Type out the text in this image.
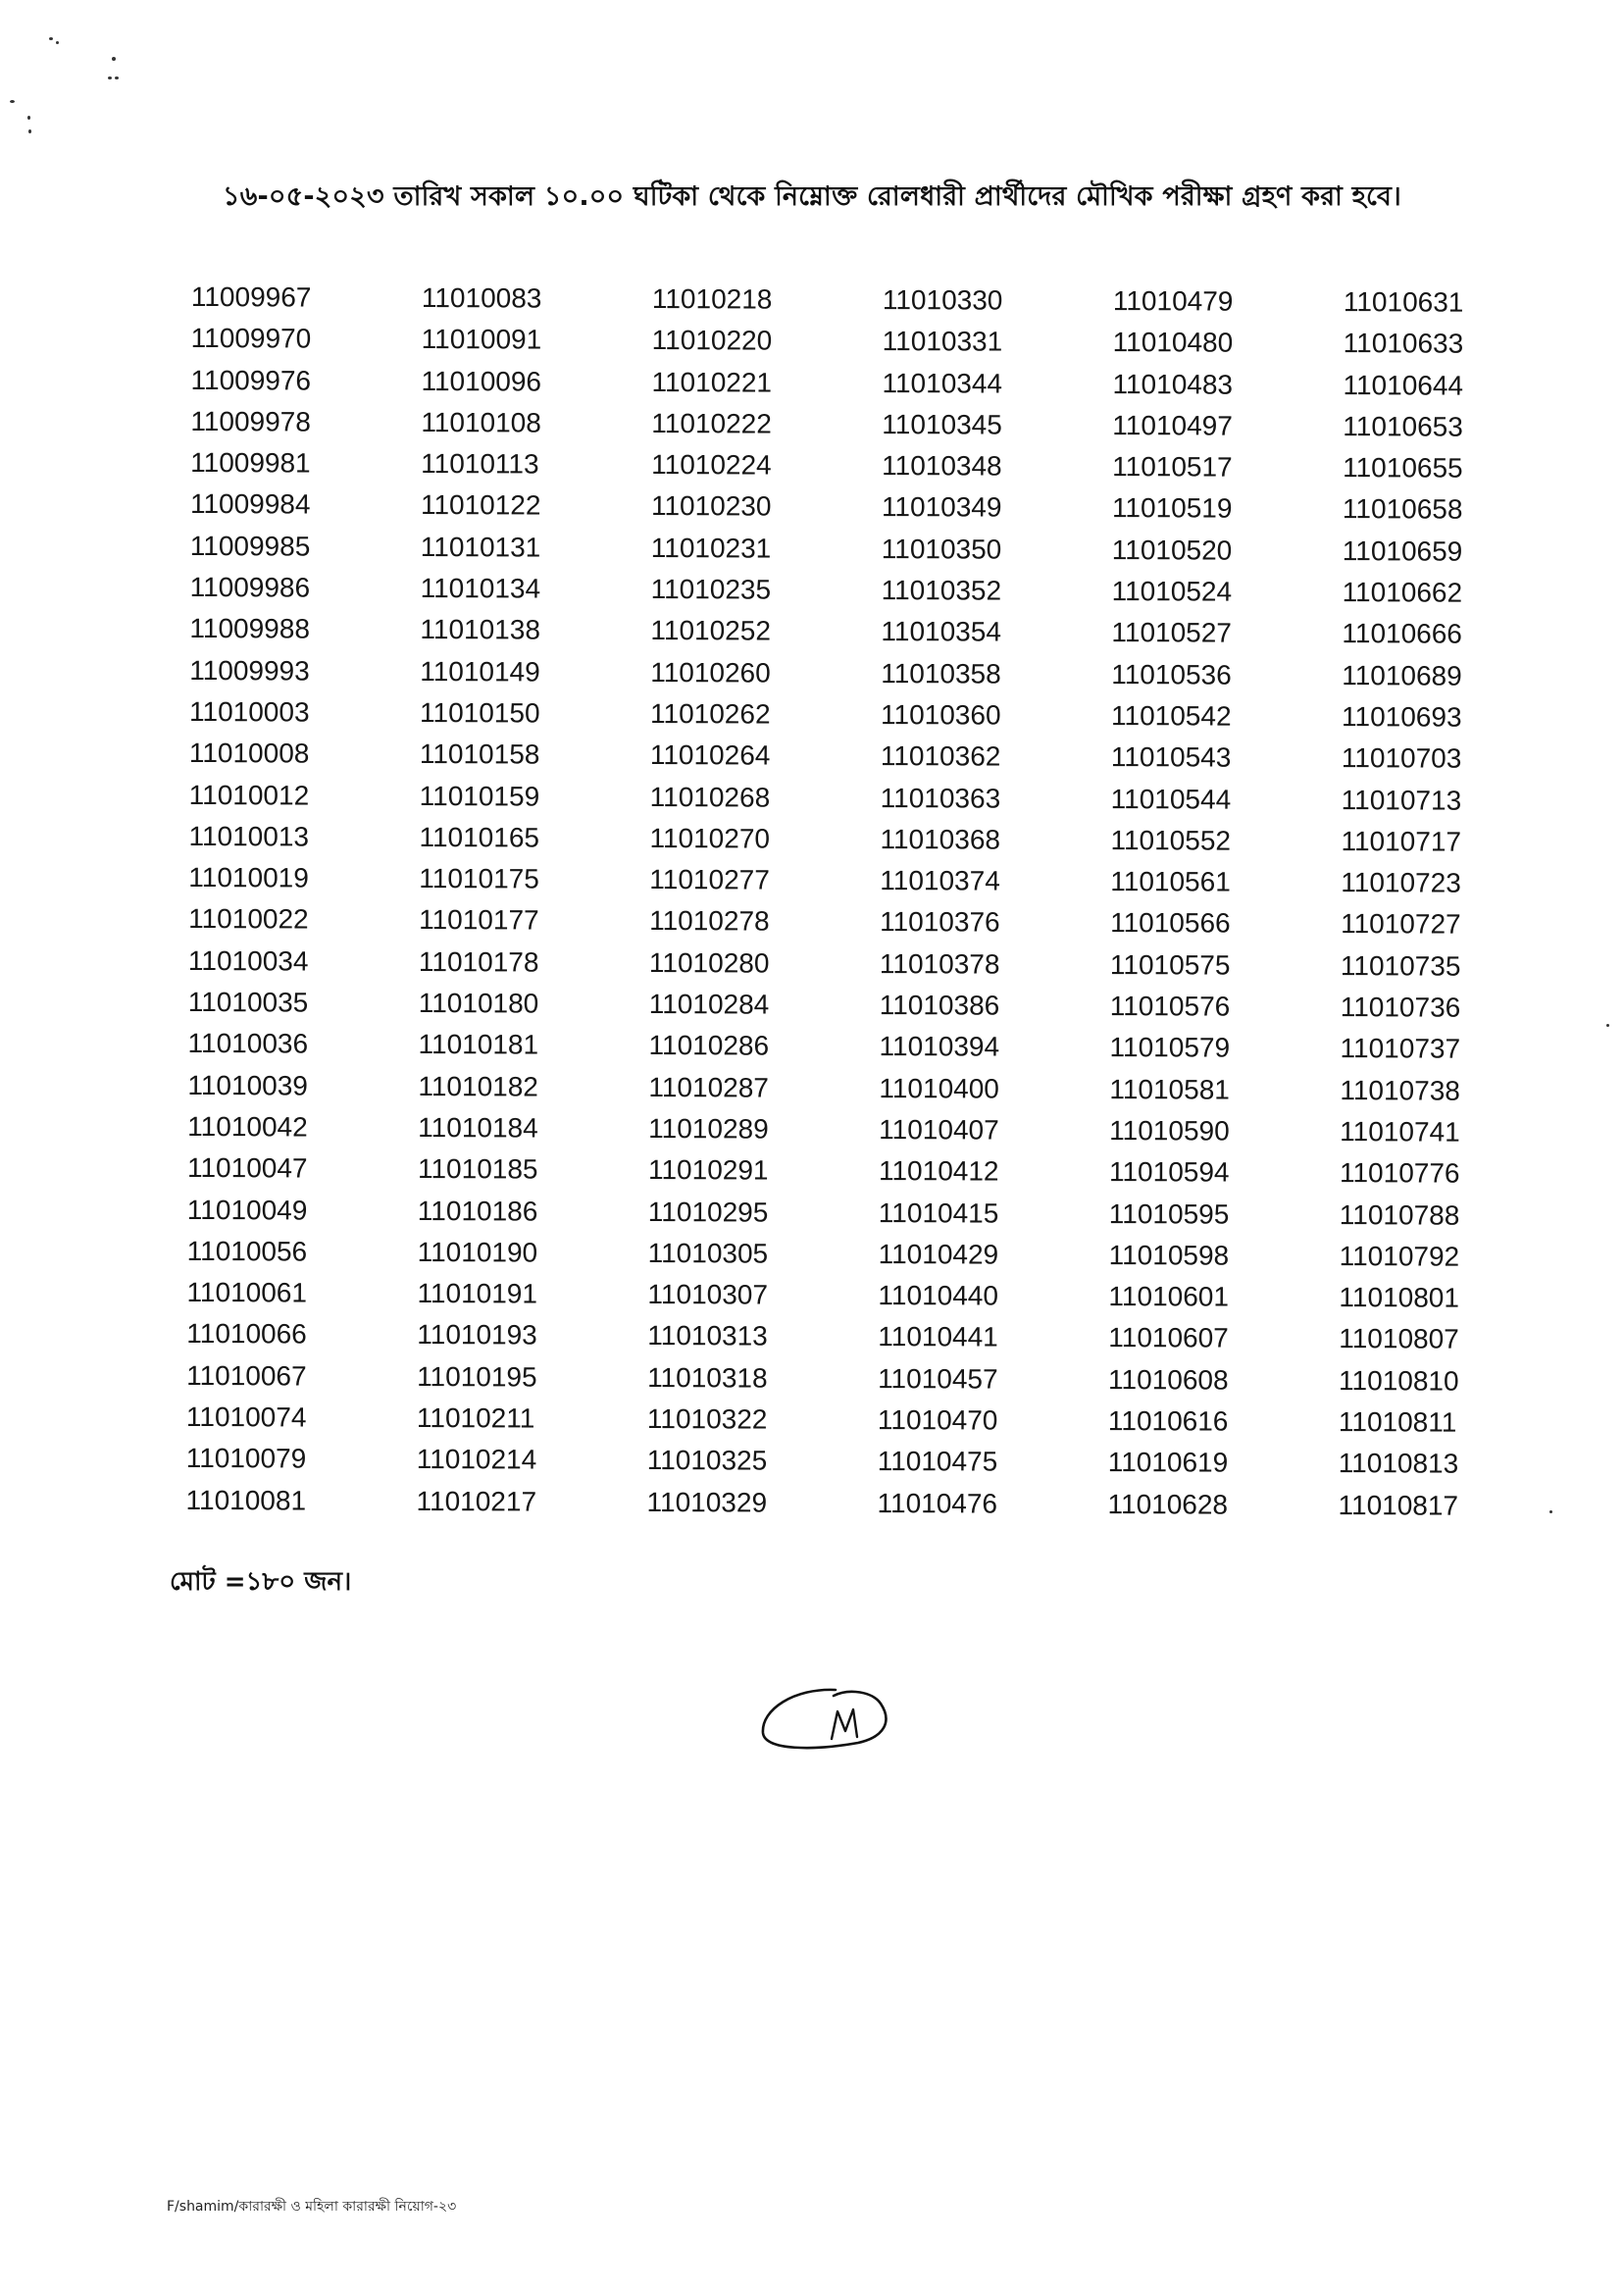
১৬-০৫-২০২৩ তারিখ সকাল ১০.০০ ঘটিকা থেকে নিম্নোক্ত রোলধারী প্রার্থীদের মৌখিক পরীক্ষা গ্রহণ করা হবে।
11009967
11009970
11009976
11009978
11009981
11009984
11009985
11009986
11009988
11009993
11010003
11010008
11010012
11010013
11010019
11010022
11010034
11010035
11010036
11010039
11010042
11010047
11010049
11010056
11010061
11010066
11010067
11010074
11010079
11010081
11010083
11010091
11010096
11010108
11010113
11010122
11010131
11010134
11010138
11010149
11010150
11010158
11010159
11010165
11010175
11010177
11010178
11010180
11010181
11010182
11010184
11010185
11010186
11010190
11010191
11010193
11010195
11010211
11010214
11010217
11010218
11010220
11010221
11010222
11010224
11010230
11010231
11010235
11010252
11010260
11010262
11010264
11010268
11010270
11010277
11010278
11010280
11010284
11010286
11010287
11010289
11010291
11010295
11010305
11010307
11010313
11010318
11010322
11010325
11010329
11010330
11010331
11010344
11010345
11010348
11010349
11010350
11010352
11010354
11010358
11010360
11010362
11010363
11010368
11010374
11010376
11010378
11010386
11010394
11010400
11010407
11010412
11010415
11010429
11010440
11010441
11010457
11010470
11010475
11010476
11010479
11010480
11010483
11010497
11010517
11010519
11010520
11010524
11010527
11010536
11010542
11010543
11010544
11010552
11010561
11010566
11010575
11010576
11010579
11010581
11010590
11010594
11010595
11010598
11010601
11010607
11010608
11010616
11010619
11010628
11010631
11010633
11010644
11010653
11010655
11010658
11010659
11010662
11010666
11010689
11010693
11010703
11010713
11010717
11010723
11010727
11010735
11010736
11010737
11010738
11010741
11010776
11010788
11010792
11010801
11010807
11010810
11010811
11010813
11010817
মোট =১৮০ জন।
F/shamim/কারারক্ষী ও মহিলা কারারক্ষী নিয়োগ-২৩
